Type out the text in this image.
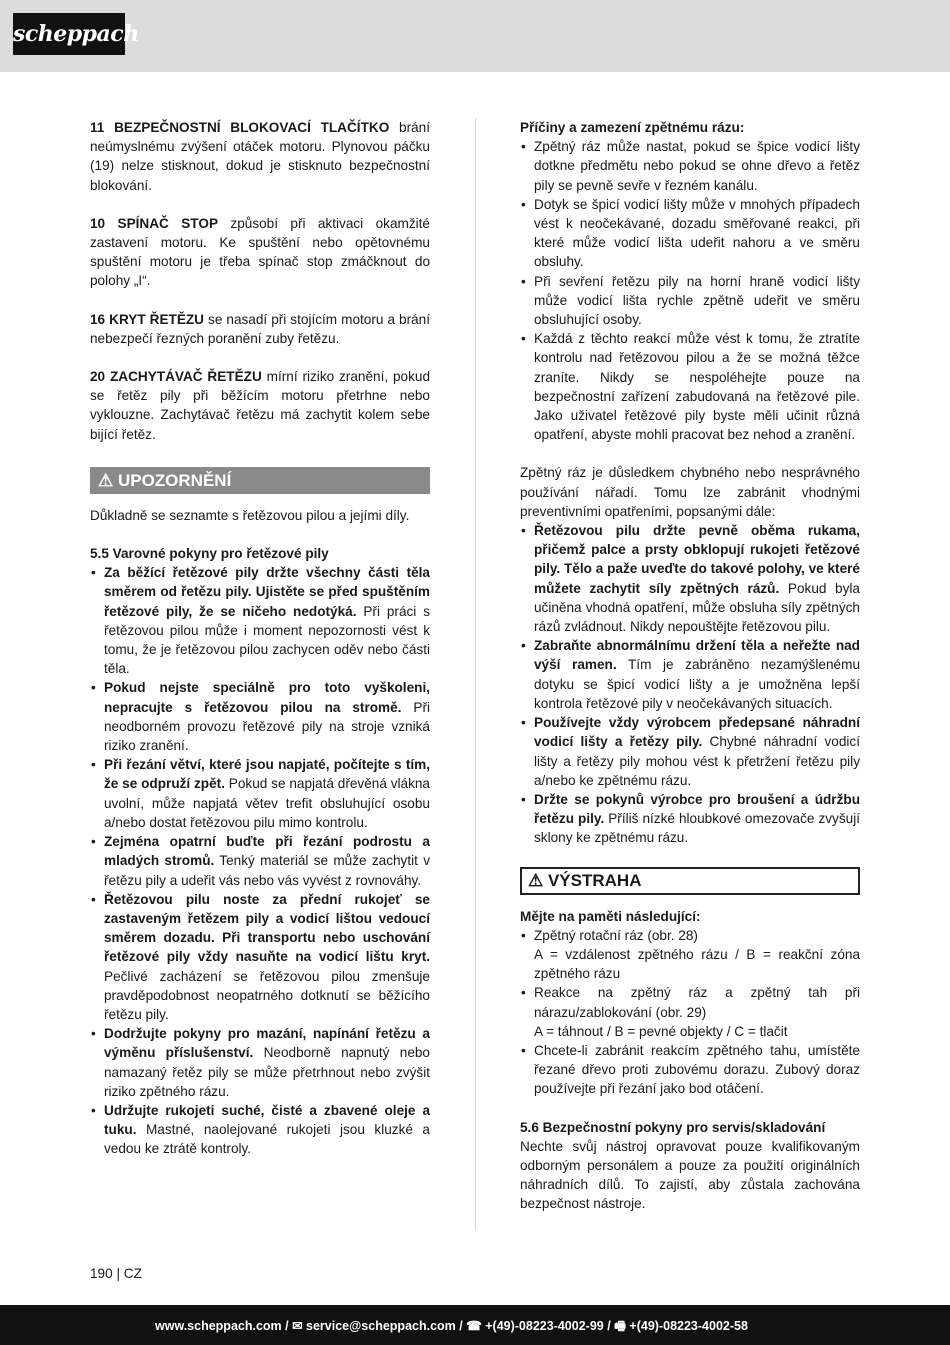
scheppach

11 BEZPEČNOSTNÍ BLOKOVACÍ TLAČÍTKO brání neúmyslnému zvýšení otáček motoru. Plynovou páčku (19) nelze stisknout, dokud je stisknuto bezpečnostní blokování.

10 SPÍNAČ STOP způsobí při aktivaci okamžité zastavení motoru. Ke spuštění nebo opětovnému spuštění motoru je třeba spínač stop zmáčknout do polohy „I“.

16 KRYT ŘETĚZU se nasadí při stojícím motoru a brání nebezpečí řezných poranění zuby řetězu.

20 ZACHYTÁVAČ ŘETĚZU mírní riziko zranění, pokud se řetěz pily při běžícím motoru přetrhne nebo vyklouzne. Zachytávač řetězu má zachytit kolem sebe bijící řetěz.

⚠ UPOZORNĚNÍ

Důkladně se seznamte s řetězovou pilou a jejími díly.

5.5 Varovné pokyny pro řetězové pily

• Za běžící řetězové pily držte všechny části těla směrem od řetězu pily. Ujistěte se před spuštěním řetězové pily, že se ničeho nedotýká. Při práci s řetězovou pilou může i moment nepozornosti vést k tomu, že je řetězovou pilou zachycen oděv nebo části těla.
• Pokud nejste speciálně pro toto vyškoleni, nepracujte s řetězovou pilou na stromě. Při neodborném provozu řetězové pily na stroje vzniká riziko zranění.
• Při řezání větví, které jsou napjaté, počítejte s tím, že se odpruží zpět. Pokud se napjatá dřevěná vlákna uvolní, může napjatá větev trefit obsluhující osobu a/nebo dostat řetězovou pilu mimo kontrolu.
• Zejména opatrní buďte při řezání podrostu a mladých stromů. Tenký materiál se může zachytit v řetězu pily a udeřit vás nebo vás vyvést z rovnováhy.
• Řetězovou pilu noste za přední rukojeť se zastaveným řetězem pily a vodicí lištou vedoucí směrem dozadu. Při transportu nebo uschování řetězové pily vždy nasuňte na vodicí lištu kryt. Pečlivé zacházení se řetězovou pilou zmenšuje pravděpodobnost neopatrného dotknutí se běžícího řetězu pily.
• Dodržujte pokyny pro mazání, napínání řetězu a výměnu příslušenství. Neodborně napnutý nebo namazaný řetěz pily se může přetrhnout nebo zvýšit riziko zpětného rázu.
• Udržujte rukojeti suché, čisté a zbavené oleje a tuku. Mastné, naolejované rukojeti jsou kluzké a vedou ke ztrátě kontroly.

Příčiny a zamezení zpětnému rázu:

• Zpětný ráz může nastat, pokud se špice vodicí lišty dotkne předmětu nebo pokud se ohne dřevo a řetěz pily se pevně sevře v řezném kanálu.
• Dotyk se špicí vodicí lišty může v mnohých případech vést k neočekávané, dozadu směřované reakci, při které může vodicí lišta udeřit nahoru a ve směru obsluhy.
• Při sevření řetězu pily na horní hraně vodicí lišty může vodicí lišta rychle zpětně udeřit ve směru obsluhující osoby.
• Každá z těchto reakcí může vést k tomu, že ztratíte kontrolu nad řetězovou pilou a že se možná těžce zraníte. Nikdy se nespoléhejte pouze na bezpečnostní zařízení zabudovaná na řetězové pile. Jako uživatel řetězové pily byste měli učinit různá opatření, abyste mohli pracovat bez nehod a zranění.

Zpětný ráz je důsledkem chybného nebo nesprávného používání nářadí. Tomu lze zabránit vhodnými preventivními opatřeními, popsanými dále:

• Řetězovou pilu držte pevně oběma rukama, přičemž palce a prsty obklopují rukojeti řetězové pily. Tělo a paže uveďte do takové polohy, ve které můžete zachytit síly zpětných rázů. Pokud byla učiněna vhodná opatření, může obsluha síly zpětných rázů zvládnout. Nikdy nepouštějte řetězovou pilu.
• Zabraňte abnormálnímu držení těla a neřežte nad výší ramen. Tím je zabráněno nezamýšlenému dotyku se špicí vodicí lišty a je umožněna lepší kontrola řetězové pily v neočekávaných situacích.
• Používejte vždy výrobcem předepsané náhradní vodicí lišty a řetězy pily. Chybné náhradní vodicí lišty a řetězy pily mohou vést k přetržení řetězu pily a/nebo ke zpětnému rázu.
• Držte se pokynů výrobce pro broušení a údržbu řetězu pily. Příliš nízké hloubkové omezovače zvyšují sklony ke zpětnému rázu.
⚠ VÝSTRAHA

Mějte na paměti následující:

• Zpětný rotační ráz (obr. 28)
A = vzdálenost zpětného rázu / B = reakční zóna zpětného rázu
• Reakce na zpětný ráz a zpětný tah při nárazu/zablokování (obr. 29)
A = táhnout / B = pevné objekty / C = tlačit
• Chcete-li zabránit reakcím zpětného tahu, umístěte řezané dřevo proti zubovému dorazu. Zubový doraz používejte při řezání jako bod otáčení.

5.6 Bezpečnostní pokyny pro servis/skladování

Nechte svůj nástroj opravovat pouze kvalifikovaným odborným personálem a pouze za použití originálních náhradních dílů. To zajistí, aby zůstala zachována bezpečnost nástroje.

190 | CZ
www.scheppach.com / ✉ service@scheppach.com / ☎ +(49)-08223-4002-99 / 🖷 +(49)-08223-4002-58
